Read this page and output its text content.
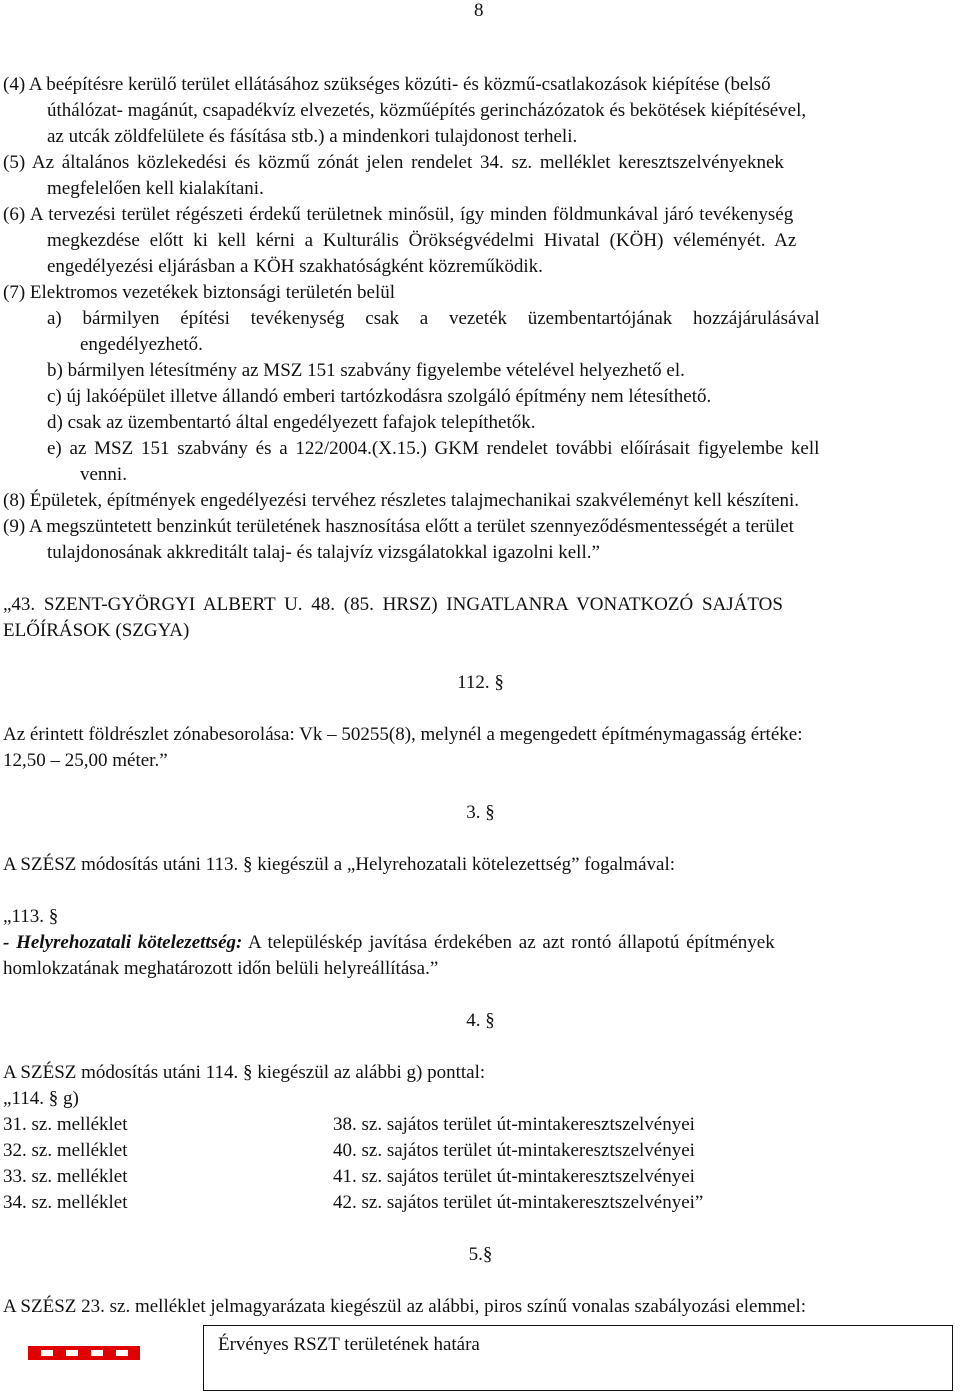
8
(4) A beépítésre kerülő terület ellátásához szükséges közúti- és közmű-csatlakozások kiépítése (belső
úthálózat- magánút, csapadékvíz elvezetés, közműépítés gerincházózatok és bekötések kiépítésével,
az utcák zöldfelülete és fásítása stb.) a mindenkori tulajdonost terheli.
(5) Az általános közlekedési és közmű zónát jelen rendelet 34. sz. melléklet keresztszelvényeknek
megfelelően kell kialakítani.
(6) A tervezési terület régészeti érdekű területnek minősül, így minden földmunkával járó tevékenység
megkezdése előtt ki kell kérni a Kulturális Örökségvédelmi Hivatal (KÖH) véleményét. Az
engedélyezési eljárásban a KÖH szakhatóságként közreműködik.
(7) Elektromos vezetékek biztonsági területén belül
a) bármilyen építési tevékenység csak a vezeték üzembentartójának hozzájárulásával
engedélyezhető.
b) bármilyen létesítmény az MSZ 151 szabvány figyelembe vételével helyezhető el.
c) új lakóépület illetve állandó emberi tartózkodásra szolgáló építmény nem létesíthető.
d) csak az üzembentartó által engedélyezett fafajok telepíthetők.
e) az MSZ 151 szabvány és a 122/2004.(X.15.) GKM rendelet további előírásait figyelembe kell
venni.
(8) Épületek, építmények engedélyezési tervéhez részletes talajmechanikai szakvéleményt kell készíteni.
(9) A megszüntetett benzinkút területének hasznosítása előtt a terület szennyeződésmentességét a terület
tulajdonosának akkreditált talaj- és talajvíz vizsgálatokkal igazolni kell.”
„43. SZENT-GYÖRGYI ALBERT U. 48. (85. HRSZ) INGATLANRA VONATKOZÓ SAJÁTOS
ELŐÍRÁSOK (SZGYA)
112. §
Az érintett földrészlet zónabesorolása: Vk – 50255(8), melynél a megengedett építménymagasság értéke:
12,50 – 25,00 méter.”
3. §
A SZÉSZ módosítás utáni 113. § kiegészül a „Helyrehozatali kötelezettség” fogalmával:
„113. §
- Helyrehozatali kötelezettség: A településkép javítása érdekében az azt rontó állapotú építmények
homlokzatának meghatározott időn belüli helyreállítása.”
4. §
A SZÉSZ módosítás utáni 114. § kiegészül az alábbi g) ponttal:
„114. § g)
31. sz. melléklet	38. sz. sajátos terület út-mintakeresztszelvényei
32. sz. melléklet	40. sz. sajátos terület út-mintakeresztszelvényei
33. sz. melléklet	41. sz. sajátos terület út-mintakeresztszelvényei
34. sz. melléklet	42. sz. sajátos terület út-mintakeresztszelvényei”
5.§
A SZÉSZ 23. sz. melléklet jelmagyarázata kiegészül az alábbi, piros színű vonalas szabályozási elemmel:
Érvényes RSZT területének határa
